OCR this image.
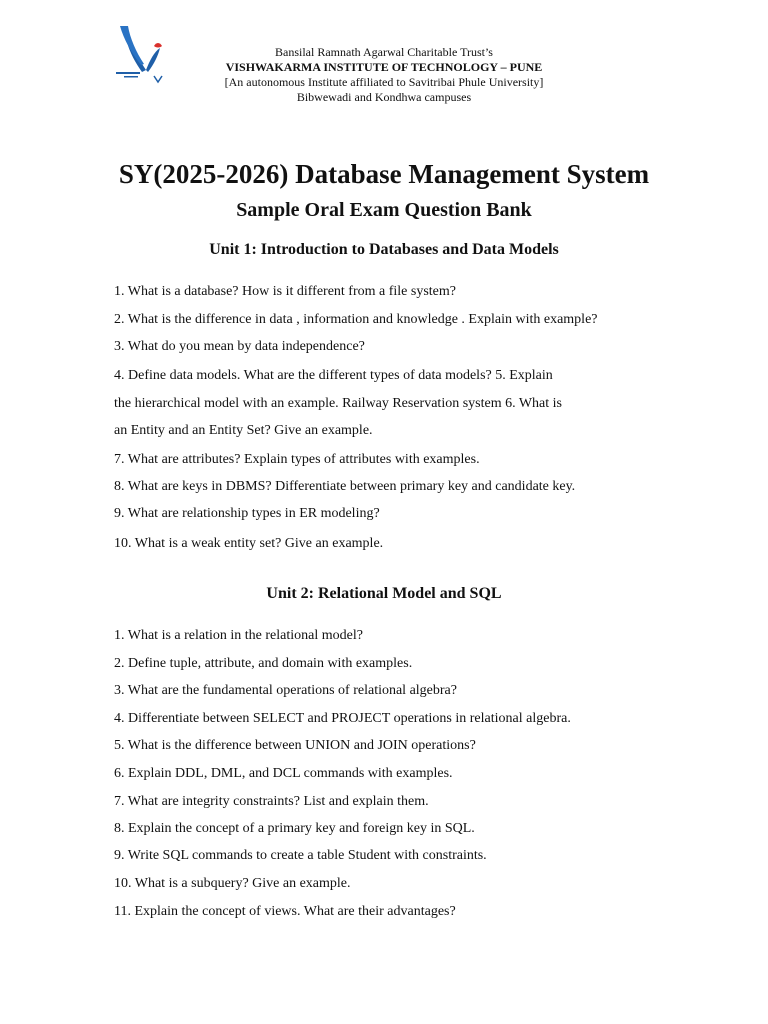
Bansilal Ramnath Agarwal Charitable Trust’s
VISHWAKARMA INSTITUTE OF TECHNOLOGY – PUNE
[An autonomous Institute affiliated to Savitribai Phule University]
Bibwewadi and Kondhwa campuses
SY(2025-2026) Database Management System
Sample Oral Exam Question Bank
Unit 1: Introduction to Databases and Data Models
1. What is a database? How is it different from a file system?
2. What is the difference in data , information and knowledge . Explain with example?
3. What do you mean by data independence?
4. Define data models. What are the different types of data models? 5. Explain
the hierarchical model with an example. Railway Reservation system 6. What is
an Entity and an Entity Set? Give an example.
7. What are attributes? Explain types of attributes with examples.
8. What are keys in DBMS? Differentiate between primary key and candidate key.
9. What are relationship types in ER modeling?
10. What is a weak entity set? Give an example.
Unit 2: Relational Model and SQL
1. What is a relation in the relational model?
2. Define tuple, attribute, and domain with examples.
3. What are the fundamental operations of relational algebra?
4. Differentiate between SELECT and PROJECT operations in relational algebra.
5. What is the difference between UNION and JOIN operations?
6. Explain DDL, DML, and DCL commands with examples.
7. What are integrity constraints? List and explain them.
8. Explain the concept of a primary key and foreign key in SQL.
9. Write SQL commands to create a table Student with constraints.
10. What is a subquery? Give an example.
11. Explain the concept of views. What are their advantages?
